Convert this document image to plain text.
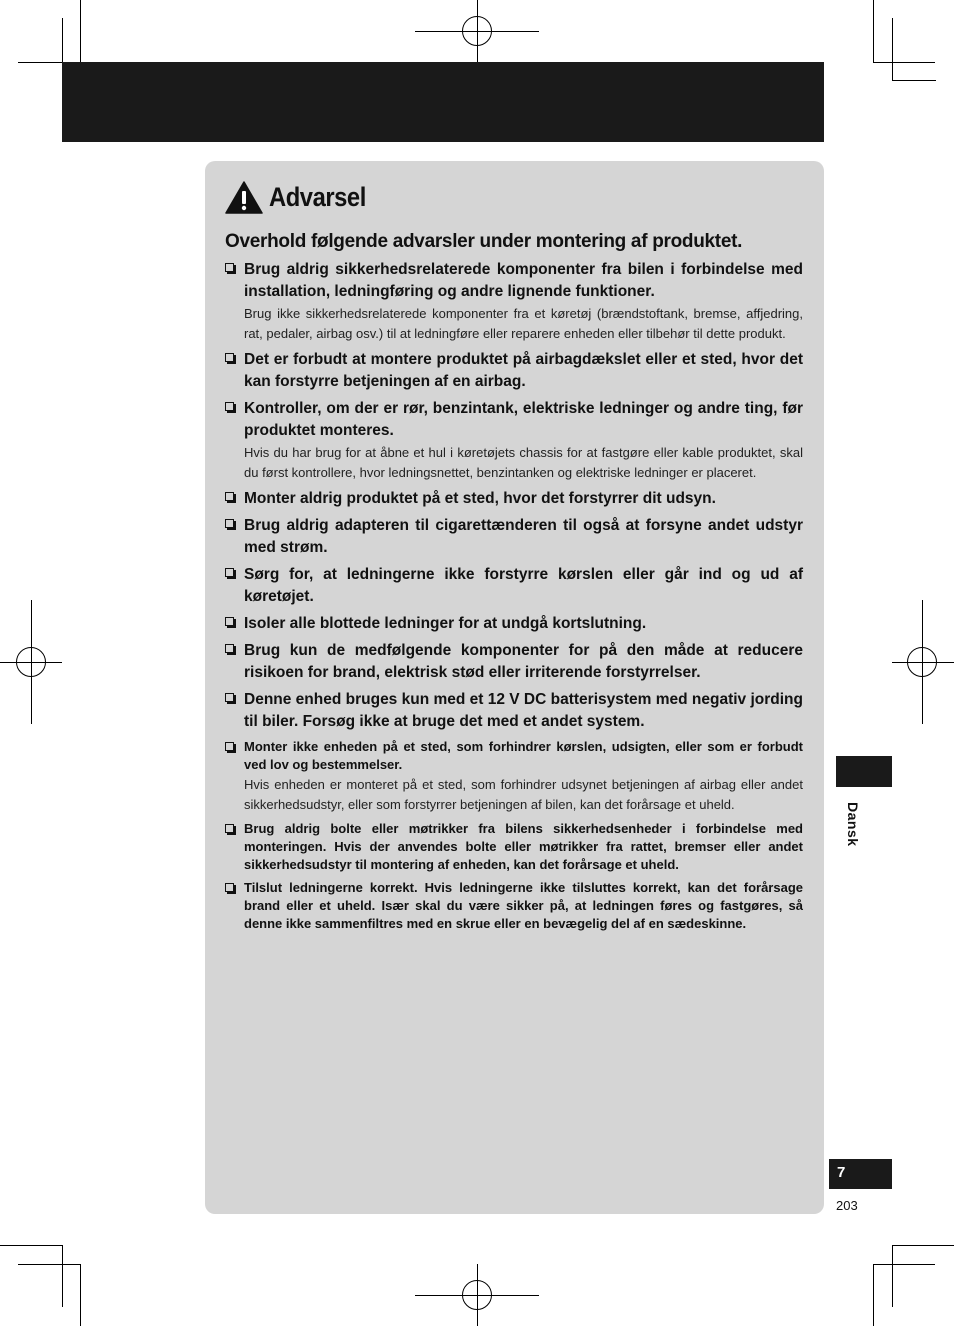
Advarsel
Overhold følgende advarsler under montering af produktet.
Brug aldrig sikkerhedsrelaterede komponenter fra bilen i forbindelse med installation, ledningføring og andre lignende funktioner.
Brug ikke sikkerhedsrelaterede komponenter fra et køretøj (brændstoftank, bremse, affjedring, rat, pedaler, airbag osv.) til at ledningføre eller reparere enheden eller tilbehør til dette produkt.
Det er forbudt at montere produktet på airbagdækslet eller et sted, hvor det kan forstyrre betjeningen af en airbag.
Kontroller, om der er rør, benzintank, elektriske ledninger og andre ting, før produktet monteres.
Hvis du har brug for at åbne et hul i køretøjets chassis for at fastgøre eller kable produktet, skal du først kontrollere, hvor ledningsnettet, benzintanken og elektriske ledninger er placeret.
Monter aldrig produktet på et sted, hvor det forstyrrer dit udsyn.
Brug aldrig adapteren til cigarettænderen til også at forsyne andet udstyr med strøm.
Sørg for, at ledningerne ikke forstyrre kørslen eller går ind og ud af køretøjet.
Isoler alle blottede ledninger for at undgå kortslutning.
Brug kun de medfølgende komponenter for på den måde at reducere risikoen for brand, elektrisk stød eller irriterende forstyrrelser.
Denne enhed bruges kun med et 12 V DC batterisystem med negativ jording til biler. Forsøg ikke at bruge det med et andet system.
Monter ikke enheden på et sted, som forhindrer kørslen, udsigten, eller som er forbudt ved lov og bestemmelser.
Hvis enheden er monteret på et sted, som forhindrer udsynet betjeningen af airbag eller andet sikkerhedsudstyr, eller som forstyrrer betjeningen af bilen, kan det forårsage et uheld.
Brug aldrig bolte eller møtrikker fra bilens sikkerhedsenheder i forbindelse med monteringen. Hvis der anvendes bolte eller møtrikker fra rattet, bremser eller andet sikkerhedsudstyr til montering af enheden, kan det forårsage et uheld.
Tilslut ledningerne korrekt. Hvis ledningerne ikke tilsluttes korrekt, kan det forårsage brand eller et uheld. Især skal du være sikker på, at ledningen føres og fastgøres, så denne ikke sammenfiltres med en skrue eller en bevægelig del af en sædeskinne.
Dansk
7
203
